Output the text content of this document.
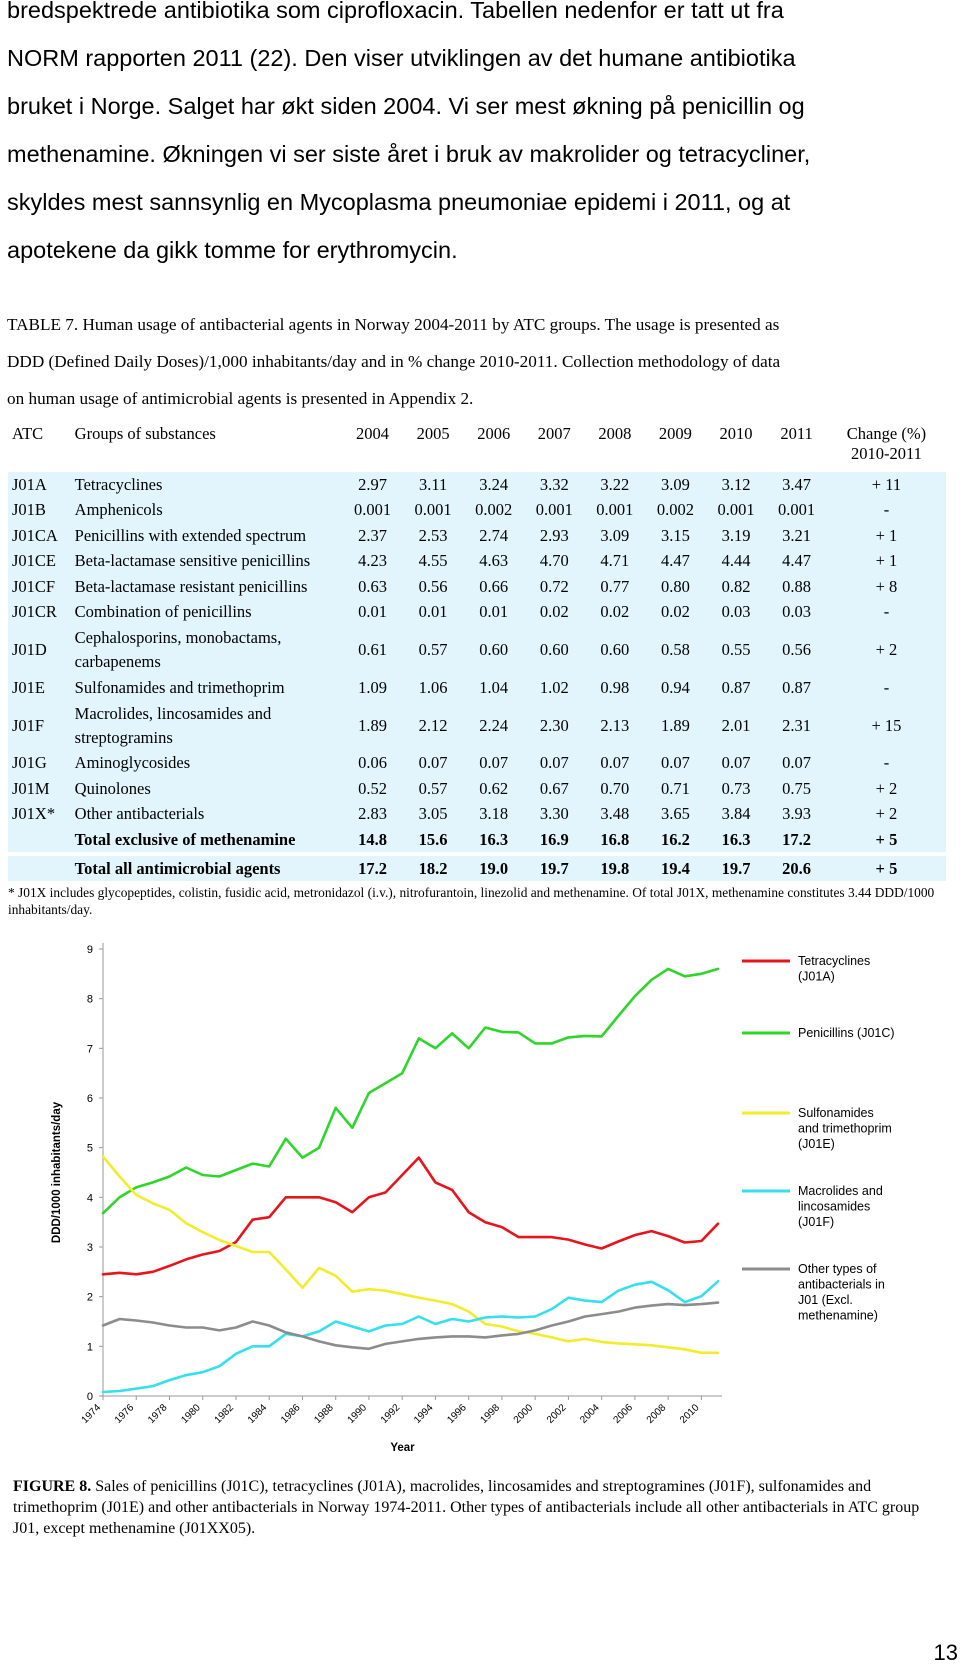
bredspektrede antibiotika som ciprofloxacin. Tabellen nedenfor er tatt ut fra

NORM rapporten 2011 (22). Den viser utviklingen av det humane antibiotika

bruket i Norge. Salget har økt siden 2004. Vi ser mest økning på penicillin og

methenamine. Økningen vi ser siste året i bruk av makrolider og tetracycliner,

skyldes mest sannsynlig en Mycoplasma pneumoniae epidemi i 2011, og at

apotekene da gikk tomme for erythromycin.

TABLE 7. Human usage of antibacterial agents in Norway 2004-2011 by ATC groups. The usage is presented as
DDD (Defined Daily Doses)/1,000 inhabitants/day and in % change 2010-2011. Collection methodology of data
on human usage of antimicrobial agents is presented in Appendix 2.
ATC	Groups of substances	2004	2005	2006	2007	2008	2009	2010	2011	Change (%)
2010-2011

J01A	Tetracyclines	2.97	3.11	3.24	3.32	3.22	3.09	3.12	3.47	+ 11
J01B	Amphenicols	0.001	0.001	0.002	0.001	0.001	0.002	0.001	0.001	-
J01CA	Penicillins with extended spectrum	2.37	2.53	2.74	2.93	3.09	3.15	3.19	3.21	+ 1
J01CE	Beta-lactamase sensitive penicillins	4.23	4.55	4.63	4.70	4.71	4.47	4.44	4.47	+ 1
J01CF	Beta-lactamase resistant penicillins	0.63	0.56	0.66	0.72	0.77	0.80	0.82	0.88	+ 8
J01CR	Combination of penicillins	0.01	0.01	0.01	0.02	0.02	0.02	0.03	0.03	-
J01D	Cephalosporins, monobactams, carbapenems	0.61	0.57	0.60	0.60	0.60	0.58	0.55	0.56	+ 2
J01E	Sulfonamides and trimethoprim	1.09	1.06	1.04	1.02	0.98	0.94	0.87	0.87	-
J01F	Macrolides, lincosamides and streptogramins	1.89	2.12	2.24	2.30	2.13	1.89	2.01	2.31	+ 15
J01G	Aminoglycosides	0.06	0.07	0.07	0.07	0.07	0.07	0.07	0.07	-
J01M	Quinolones	0.52	0.57	0.62	0.67	0.70	0.71	0.73	0.75	+ 2
J01X*	Other antibacterials	2.83	3.05	3.18	3.30	3.48	3.65	3.84	3.93	+ 2
	Total exclusive of methenamine	14.8	15.6	16.3	16.9	16.8	16.2	16.3	17.2	+ 5

	Total all antimicrobial agents	17.2	18.2	19.0	19.7	19.8	19.4	19.7	20.6	+ 5
* J01X includes glycopeptides, colistin, fusidic acid, metronidazol (i.v.), nitrofurantoin, linezolid and methenamine. Of total J01X, methenamine constitutes 3.44 DDD/1000 inhabitants/day.
0
1
2
3
4
5
6
7
8
9
1974 1976 1978 1980 1982 1984 1986 1988 1990 1992 1994 1996 1998 2000 2002 2004 2006 2008 2010
Year
DDD/1000 inhabitants/day
Tetracyclines
(J01A)
Penicillins (J01C)
Sulfonamides
and trimethoprim
(J01E)
Macrolides and
lincosamides
(J01F)
Other types of
antibacterials in
J01 (Excl.
methenamine)
FIGURE 8. Sales of penicillins (J01C), tetracyclines (J01A), macrolides, lincosamides and streptogramines (J01F), sulfonamides and trimethoprim (J01E) and other antibacterials in Norway 1974-2011. Other types of antibacterials include all other antibacterials in ATC group J01, except methenamine (J01XX05).
13
